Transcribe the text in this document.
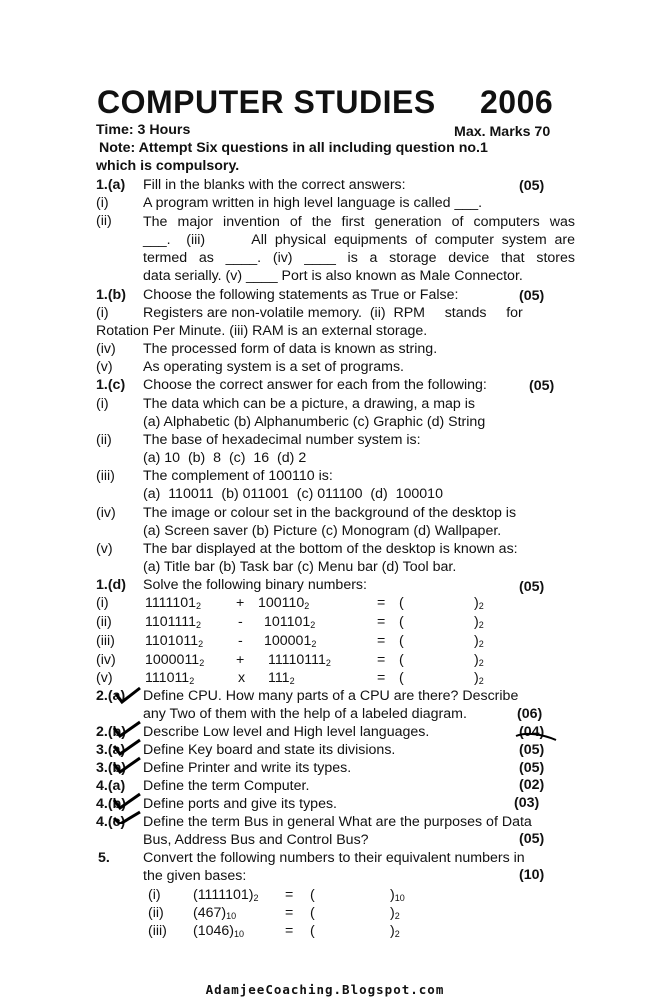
COMPUTER STUDIES 2006
Time: 3 Hours	Max. Marks 70
Note: Attempt Six questions in all including question no.1
which is compulsory.
1.(a) Fill in the blanks with the correct answers:	(05)
(i) A program written in high level language is called ___.
(ii) The major invention of the first generation of computers was
___.  (iii)      All physical equipments of computer system are
termed as ____. (iv) ____ is a storage device that stores
data serially. (v) ____ Port is also known as Male Connector.
1.(b) Choose the following statements as True or False:	(05)
(i) Registers are non-volatile memory.  (ii)  RPM     stands     for
Rotation Per Minute. (iii) RAM is an external storage.
(iv) The processed form of data is known as string.
(v) As operating system is a set of programs.
1.(c) Choose the correct answer for each from the following:	(05)
(i) The data which can be a picture, a drawing, a map is
(a) Alphabetic (b) Alphanumberic (c) Graphic (d) String
(ii) The base of hexadecimal number system is:
(a) 10  (b)  8  (c)  16  (d) 2
(iii) The complement of 100110 is:
(a)  110011  (b) 011001  (c) 011100  (d)  100010
(iv) The image or colour set in the background of the desktop is
(a) Screen saver (b) Picture (c) Monogram (d) Wallpaper.
(v) The bar displayed at the bottom of the desktop is known as:
(a) Title bar (b) Task bar (c) Menu bar (d) Tool bar.
1.(d) Solve the following binary numbers:	(05)
(i)	$1111101_2 + 100110_2$	= (	)$_2$
(ii) $1101111_2$	- $101101_2$	= (	)$_2$
(iii) $1101011_2 - 100001_2$	= (	)$_2$
(iv) $1000011_2 + 11110111_2$	= (	)$_2$
(v) $111011_2$	x $111_2$	= (	)$_2$
2.(a) Define CPU. How many parts of a CPU are there? Describe
any Two of them with the help of a labeled diagram.	(06)
2.(b) Describe Low level and High level languages.	(04)
3.(a) Define Key board and state its divisions.	(05)
3.(b) Define Printer and write its types.	(05)
4.(a) Define the term Computer.	(02)
4.(b) Define ports and give its types.	(03)
4.(c) Define the term Bus in general What are the purposes of Data
Bus, Address Bus and Control Bus?	(05)
5. Convert the following numbers to their equivalent numbers in
the given bases:	(10)
(i) $(1111101)_2$ = (	)$_{10}$
(ii) $(467)_{10}$	= (	)$_2$
(iii) $(1046)_{10}$	= (	)$_2$
AdamjeeCoaching.Blogspot.com
